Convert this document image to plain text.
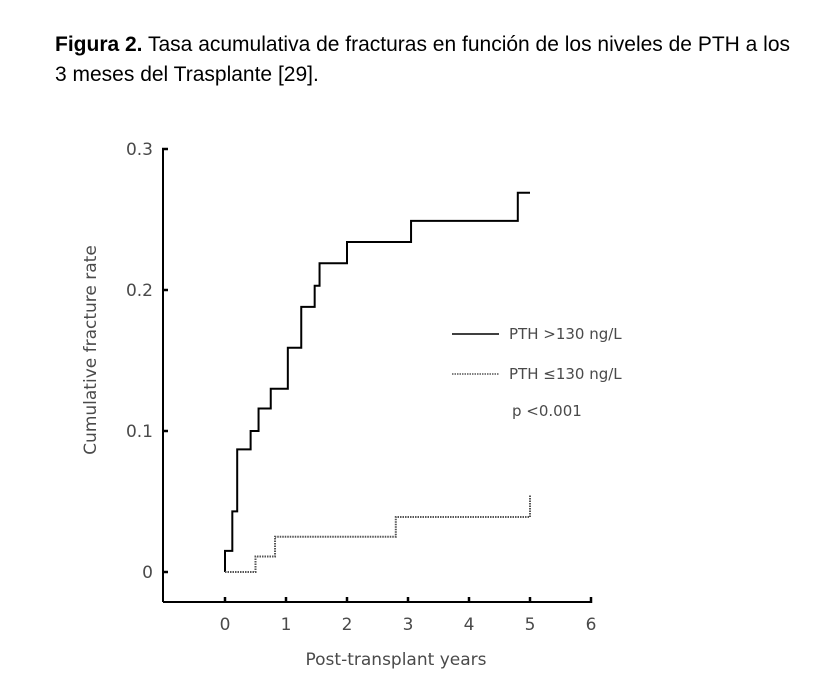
Figura 2. Tasa acumulativa de fracturas en función de los niveles de PTH a los 3 meses del Trasplante [29].
0
0.1
0.2
0.3
0	1	2	3	4	5	6
PTH >130 ng/L
PTH ≤130 ng/L
Cumulative fracture rate
Post-transplant years
p <0.001
